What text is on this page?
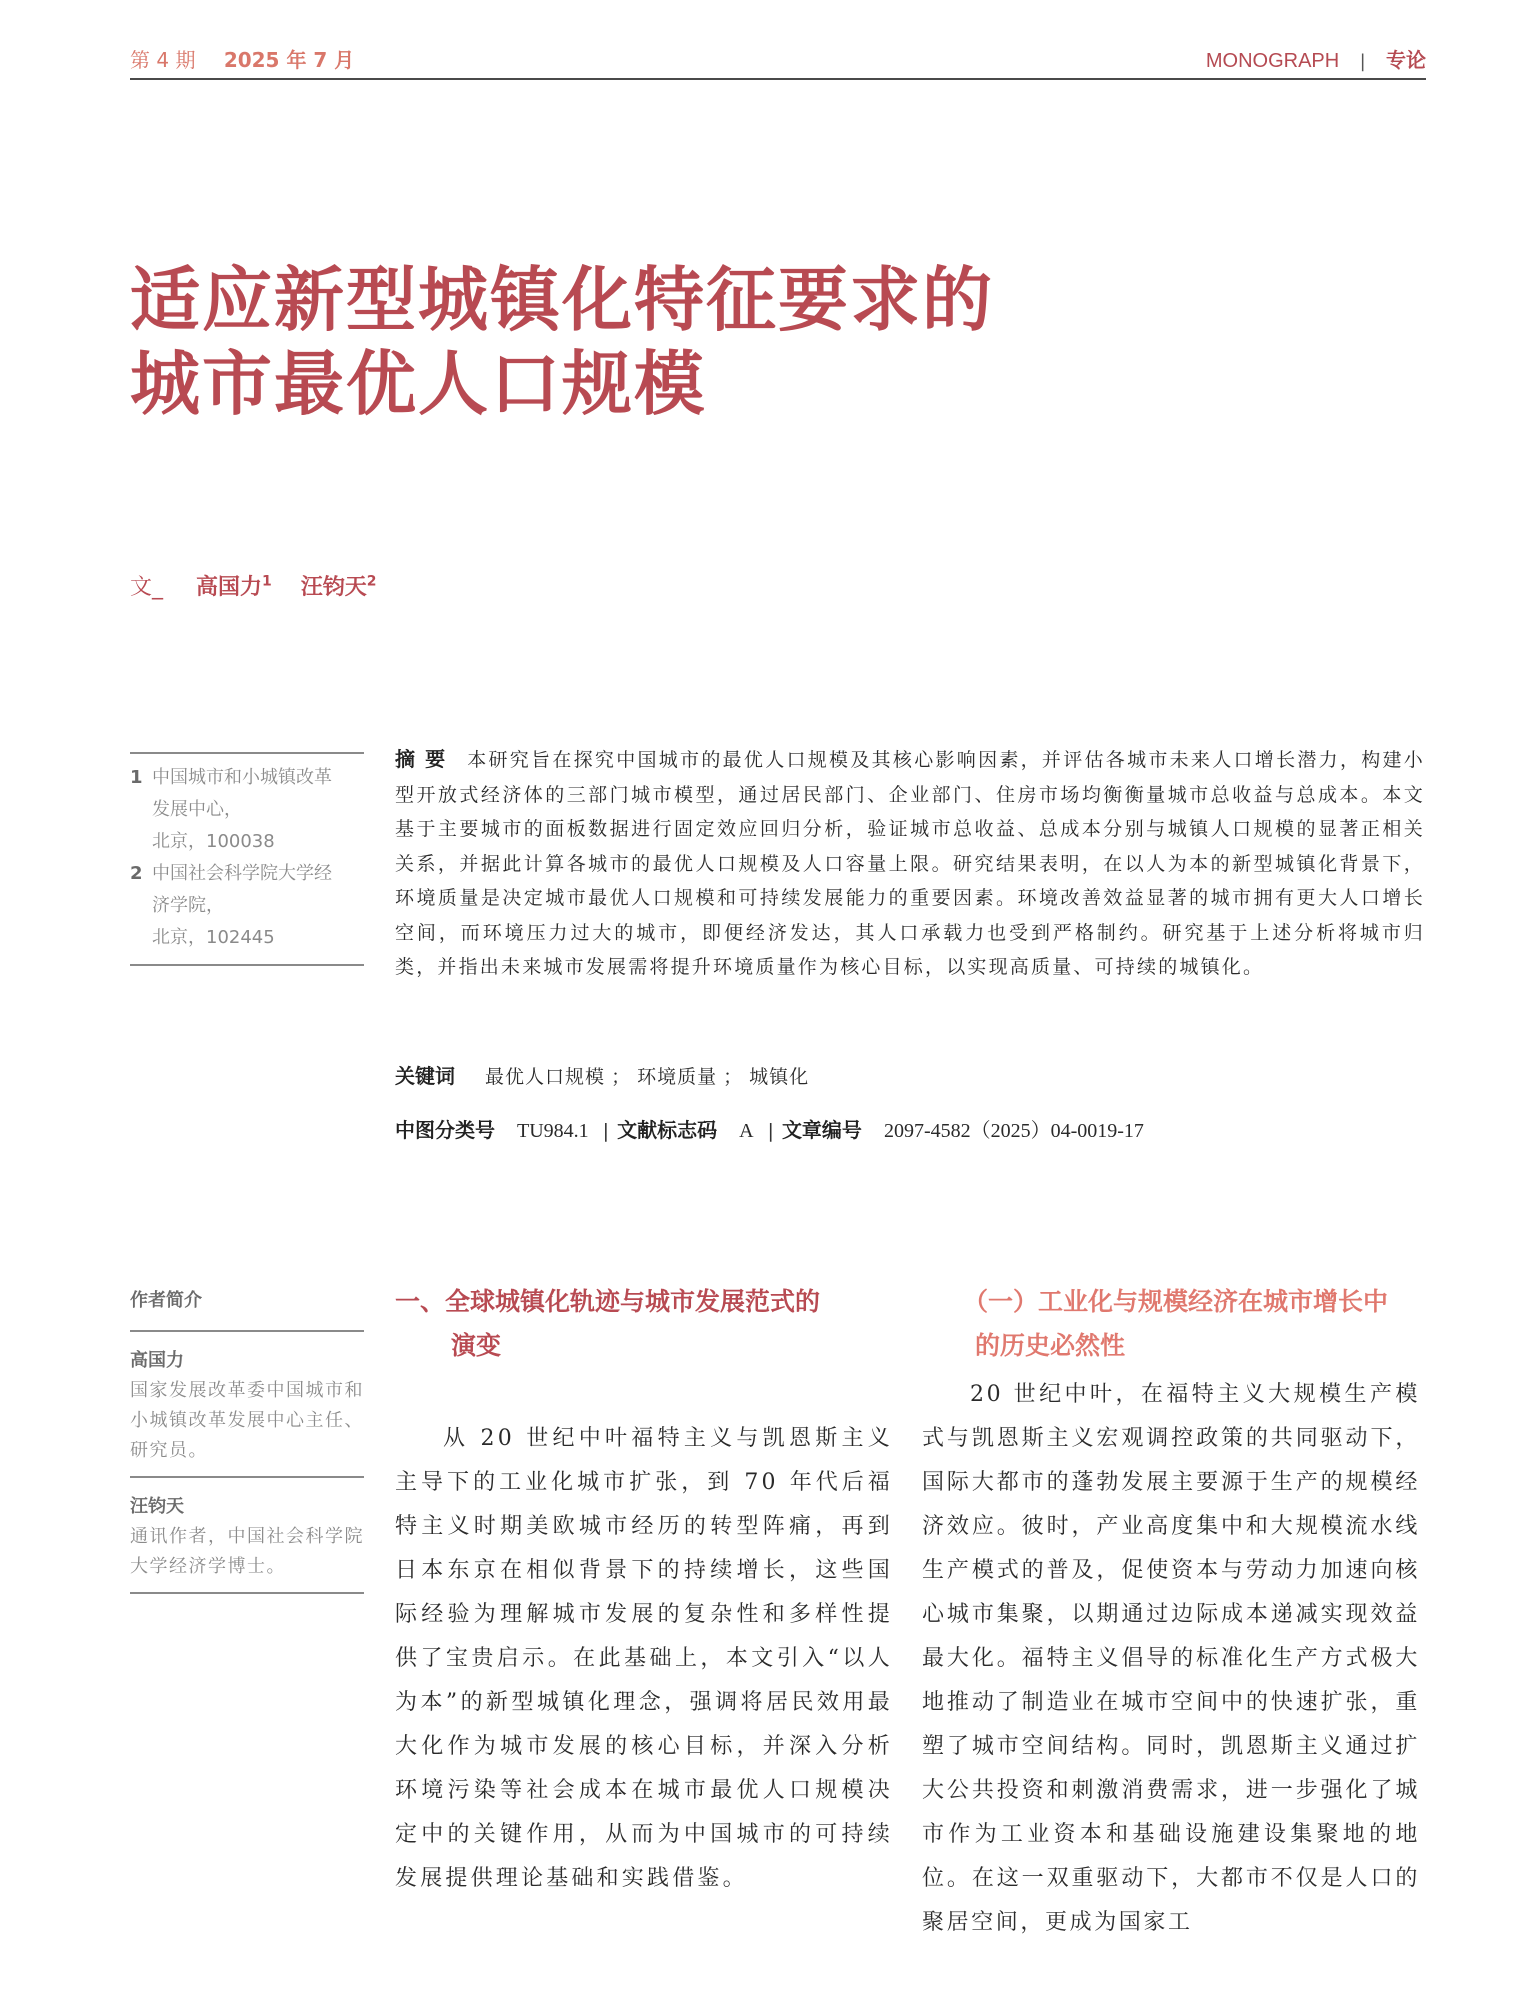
第 4 期 2025 年 7 月	MONOGRAPH | 专论
适应新型城镇化特征要求的
城市最优人口规模
文_ 高国力$^1$ 汪钧天$^2$
1 中国城市和小城镇改革
发展中心，
北京，100038
2 中国社会科学院大学经
济学院，
北京，102445
摘要 本研究旨在探究中国城市的最优人口规模及其核心影响因素，并评估各城市未来人口增长潜力，构建小型开放式经济体的三部门城市模型，通过居民部门、企业部门、住房市场均衡衡量城市总收益与总成本。本文基于主要城市的面板数据进行固定效应回归分析，验证城市总收益、总成本分别与城镇人口规模的显著正相关关系，并据此计算各城市的最优人口规模及人口容量上限。研究结果表明，在以人为本的新型城镇化背景下，环境质量是决定城市最优人口规模和可持续发展能力的重要因素。环境改善效益显著的城市拥有更大人口增长空间，而环境压力过大的城市，即便经济发达，其人口承载力也受到严格制约。研究基于上述分析将城市归类，并指出未来城市发展需将提升环境质量作为核心目标，以实现高质量、可持续的城镇化。
关键词 最优人口规模 ； 环境质量 ； 城镇化
中图分类号 TU984.1 | 文献标志码 A | 文章编号 2097-4582（2025）04-0019-17
作者简介
高国力
国家发展改革委中国城市和小城镇改革发展中心主任、研究员。
汪钧天
通讯作者，中国社会科学院大学经济学博士。
一、全球城镇化轨迹与城市发展范式的
演变
从 20 世纪中叶福特主义与凯恩斯主义主导下的工业化城市扩张，到 70 年代后福特主义时期美欧城市经历的转型阵痛，再到日本东京在相似背景下的持续增长，这些国际经验为理解城市发展的复杂性和多样性提供了宝贵启示。在此基础上，本文引入“以人为本”的新型城镇化理念，强调将居民效用最大化作为城市发展的核心目标，并深入分析环境污染等社会成本在城市最优人口规模决定中的关键作用，从而为中国城市的可持续发展提供理论基础和实践借鉴。
（一）工业化与规模经济在城市增长中
的历史必然性
20 世纪中叶，在福特主义大规模生产模式与凯恩斯主义宏观调控政策的共同驱动下，国际大都市的蓬勃发展主要源于生产的规模经济效应。彼时，产业高度集中和大规模流水线生产模式的普及，促使资本与劳动力加速向核心城市集聚，以期通过边际成本递减实现效益最大化。福特主义倡导的标准化生产方式极大地推动了制造业在城市空间中的快速扩张，重塑了城市空间结构。同时，凯恩斯主义通过扩大公共投资和刺激消费需求，进一步强化了城市作为工业资本和基础设施建设集聚地的地位。在这一双重驱动下，大都市不仅是人口的聚居空间，更成为国家工
